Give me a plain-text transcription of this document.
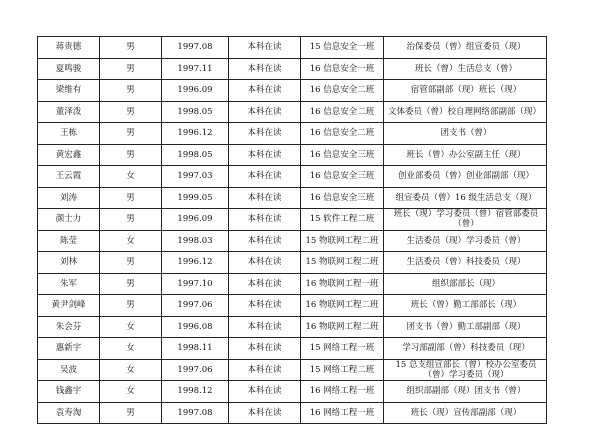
蒋贵德	男	1997.08	本科在读	15 信息安全一班	治保委员（曾）组宣委员（现）
夏鸣骏	男	1997.11	本科在读	16 信息安全一班	班长（曾）生活总支（曾）
梁维有	男	1996.09	本科在读	16 信息安全二班	宿管部副部（现）班长（现）
董泽泼	男	1998.05	本科在读	16 信息安全二班	文体委员（曾）校自理网络部副部（现）
王栋	男	1996.12	本科在读	16 信息安全二班	团支书（曾）
黄宏鑫	男	1998.05	本科在读	16 信息安全三班	班长（曾）办公室副主任（现）
王云霞	女	1997.03	本科在读	16 信息安全三班	创业部委员（曾）创业部副部（现）
刘涛	男	1999.05	本科在读	16 信息安全三班	组宣委员（曾）16 级生活总支（现）
颜士力	男	1996.09	本科在读	15 软件工程二班	班长（现）学习委员（曾）宿管部委员（曾）
陈莹	女	1998.03	本科在读	15 物联网工程二班	生活委员（现）学习委员（曾）
刘林	男	1996.12	本科在读	15 物联网工程二班	生活委员（曾）科技委员（现）
朱军	男	1997.10	本科在读	16 物联网工程一班	组织部部长（现）
黄尹剑峰	男	1997.06	本科在读	16 物联网工程二班	班长（曾）勤工部部长（现）
朱会芬	女	1996.08	本科在读	16 物联网工程二班	团支书（曾）勤工部副部（现）
惠新宇	女	1998.11	本科在读	15 网络工程一班	学习部副部（曾）科技委员（现）
吴波	女	1997.06	本科在读	15 网络工程二班	15 总支组宣部长（曾）校办公室委员（曾）学习委员（现）
钱鑫宇	女	1998.12	本科在读	16 网络工程一班	组织部副部（现）团支书（曾）
袁寿淘	男	1997.08	本科在读	16 网络工程一班	班长（现）宣传部副部（现）
